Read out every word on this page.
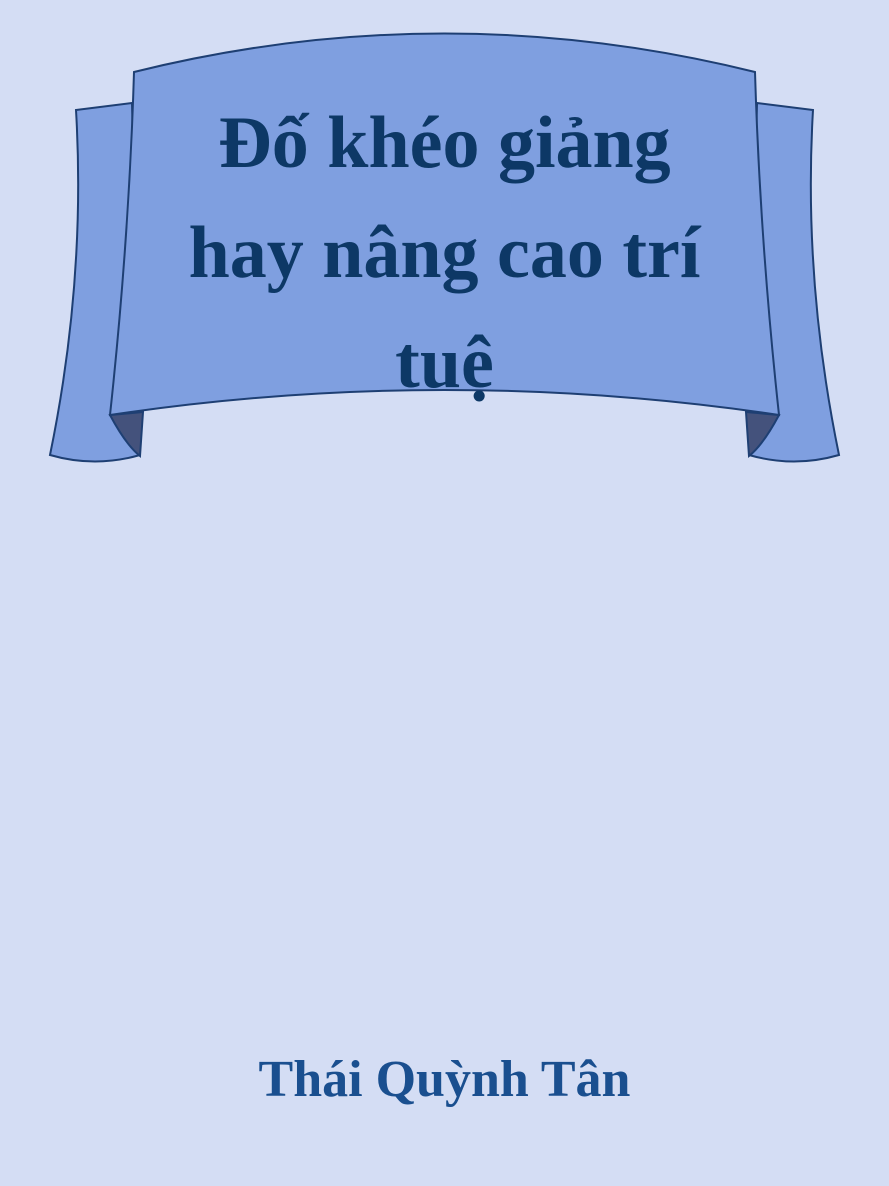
Đố khéo giảng
hay nâng cao trí
tuệ

Thái Quỳnh Tân
